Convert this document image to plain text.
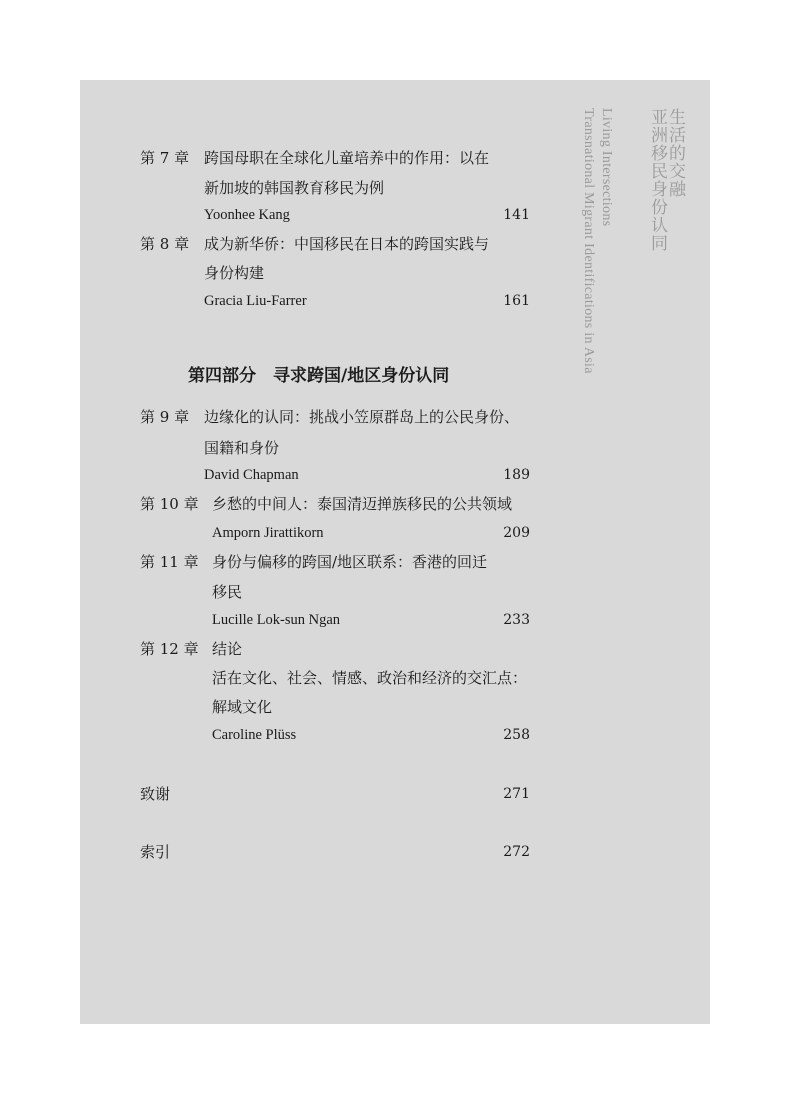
亚洲移民身份认同
生活的交融
Transnational Migrant Identifications in Asia Living Intersections
第 7 章 跨国母职在全球化儿童培养中的作用：以在
新加坡的韩国教育移民为例
Yoonhee Kang	141
第 8 章 成为新华侨：中国移民在日本的跨国实践与
身份构建
Gracia Liu-Farrer	161
第四部分　寻求跨国/地区身份认同
第 9 章 边缘化的认同：挑战小笠原群岛上的公民身份、
国籍和身份
David Chapman	189
第 10 章 乡愁的中间人：泰国清迈掸族移民的公共领域
Amporn Jirattikorn	209
第 11 章 身份与偏移的跨国/地区联系：香港的回迁
移民
Lucille Lok-sun Ngan	233
第 12 章 结论
活在文化、社会、情感、政治和经济的交汇点：
解域文化
Caroline Plüss	258
致谢	271
索引	272
